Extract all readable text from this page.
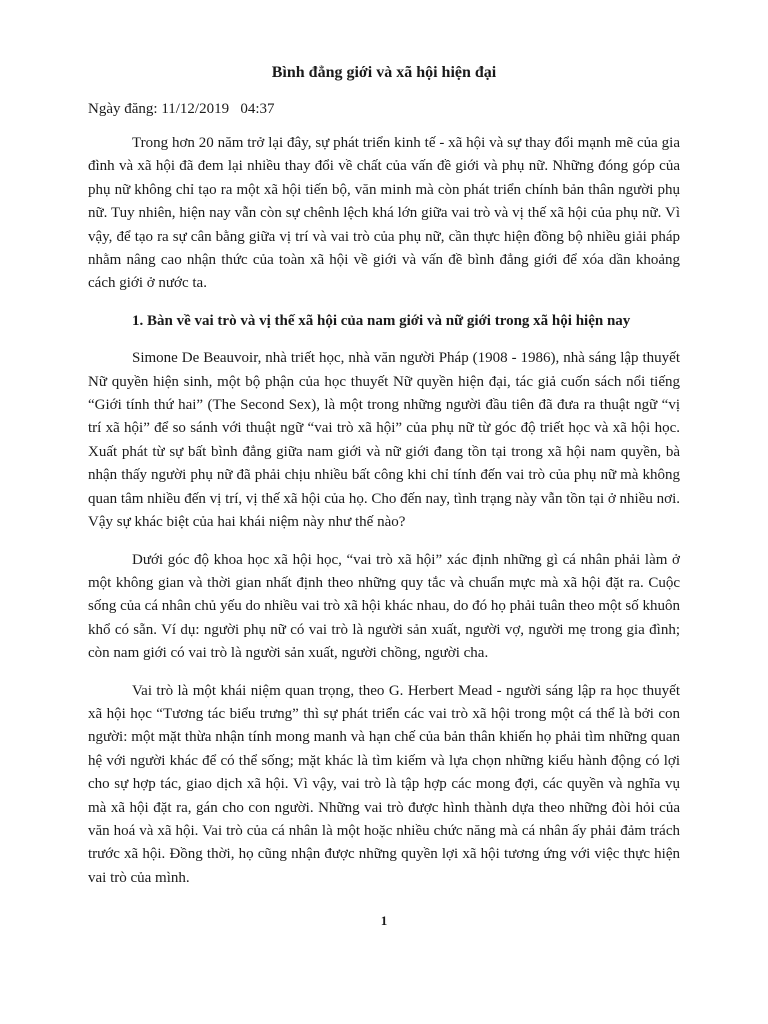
Bình đẳng giới và xã hội hiện đại
Ngày đăng: 11/12/2019   04:37

Trong hơn 20 năm trở lại đây, sự phát triển kinh tế - xã hội và sự thay đổi mạnh mẽ của gia đình và xã hội đã đem lại nhiều thay đổi về chất của vấn đề giới và phụ nữ. Những đóng góp của phụ nữ không chỉ tạo ra một xã hội tiến bộ, văn minh mà còn phát triển chính bản thân người phụ nữ. Tuy nhiên, hiện nay vẫn còn sự chênh lệch khá lớn giữa vai trò và vị thế xã hội của phụ nữ. Vì vậy, để tạo ra sự cân bằng giữa vị trí và vai trò của phụ nữ, cần thực hiện đồng bộ nhiều giải pháp nhằm nâng cao nhận thức của toàn xã hội về giới và vấn đề bình đẳng giới để xóa dần khoảng cách giới ở nước ta.

1. Bàn về vai trò và vị thế xã hội của nam giới và nữ giới trong xã hội hiện nay

Simone De Beauvoir, nhà triết học, nhà văn người Pháp (1908 - 1986), nhà sáng lập thuyết Nữ quyền hiện sinh, một bộ phận của học thuyết Nữ quyền hiện đại, tác giả cuốn sách nổi tiếng “Giới tính thứ hai” (The Second Sex), là một trong những người đầu tiên đã đưa ra thuật ngữ “vị trí xã hội” để so sánh với thuật ngữ “vai trò xã hội” của phụ nữ từ góc độ triết học và xã hội học. Xuất phát từ sự bất bình đẳng giữa nam giới và nữ giới đang tồn tại trong xã hội nam quyền, bà nhận thấy người phụ nữ đã phải chịu nhiều bất công khi chỉ tính đến vai trò của phụ nữ mà không quan tâm nhiều đến vị trí, vị thế xã hội của họ. Cho đến nay, tình trạng này vẫn tồn tại ở nhiều nơi. Vậy sự khác biệt của hai khái niệm này như thế nào?

Dưới góc độ khoa học xã hội học, “vai trò xã hội” xác định những gì cá nhân phải làm ở một không gian và thời gian nhất định theo những quy tắc và chuẩn mực mà xã hội đặt ra. Cuộc sống của cá nhân chủ yếu do nhiều vai trò xã hội khác nhau, do đó họ phải tuân theo một số khuôn khổ có sẵn. Ví dụ: người phụ nữ có vai trò là người sản xuất, người vợ, người mẹ trong gia đình; còn nam giới có vai trò là người sản xuất, người chồng, người cha.

Vai trò là một khái niệm quan trọng, theo G. Herbert Mead - người sáng lập ra học thuyết xã hội học “Tương tác biểu trưng” thì sự phát triển các vai trò xã hội trong một cá thể là bởi con người: một mặt thừa nhận tính mong manh và hạn chế của bản thân khiến họ phải tìm những quan hệ với người khác để có thể sống; mặt khác là tìm kiếm và lựa chọn những kiểu hành động có lợi cho sự hợp tác, giao dịch xã hội. Vì vậy, vai trò là tập hợp các mong đợi, các quyền và nghĩa vụ mà xã hội đặt ra, gán cho con người. Những vai trò được hình thành dựa theo những đòi hỏi của văn hoá và xã hội. Vai trò của cá nhân là một hoặc nhiều chức năng mà cá nhân ấy phải đảm trách trước xã hội. Đồng thời, họ cũng nhận được những quyền lợi xã hội tương ứng với việc thực hiện vai trò của mình.

1
